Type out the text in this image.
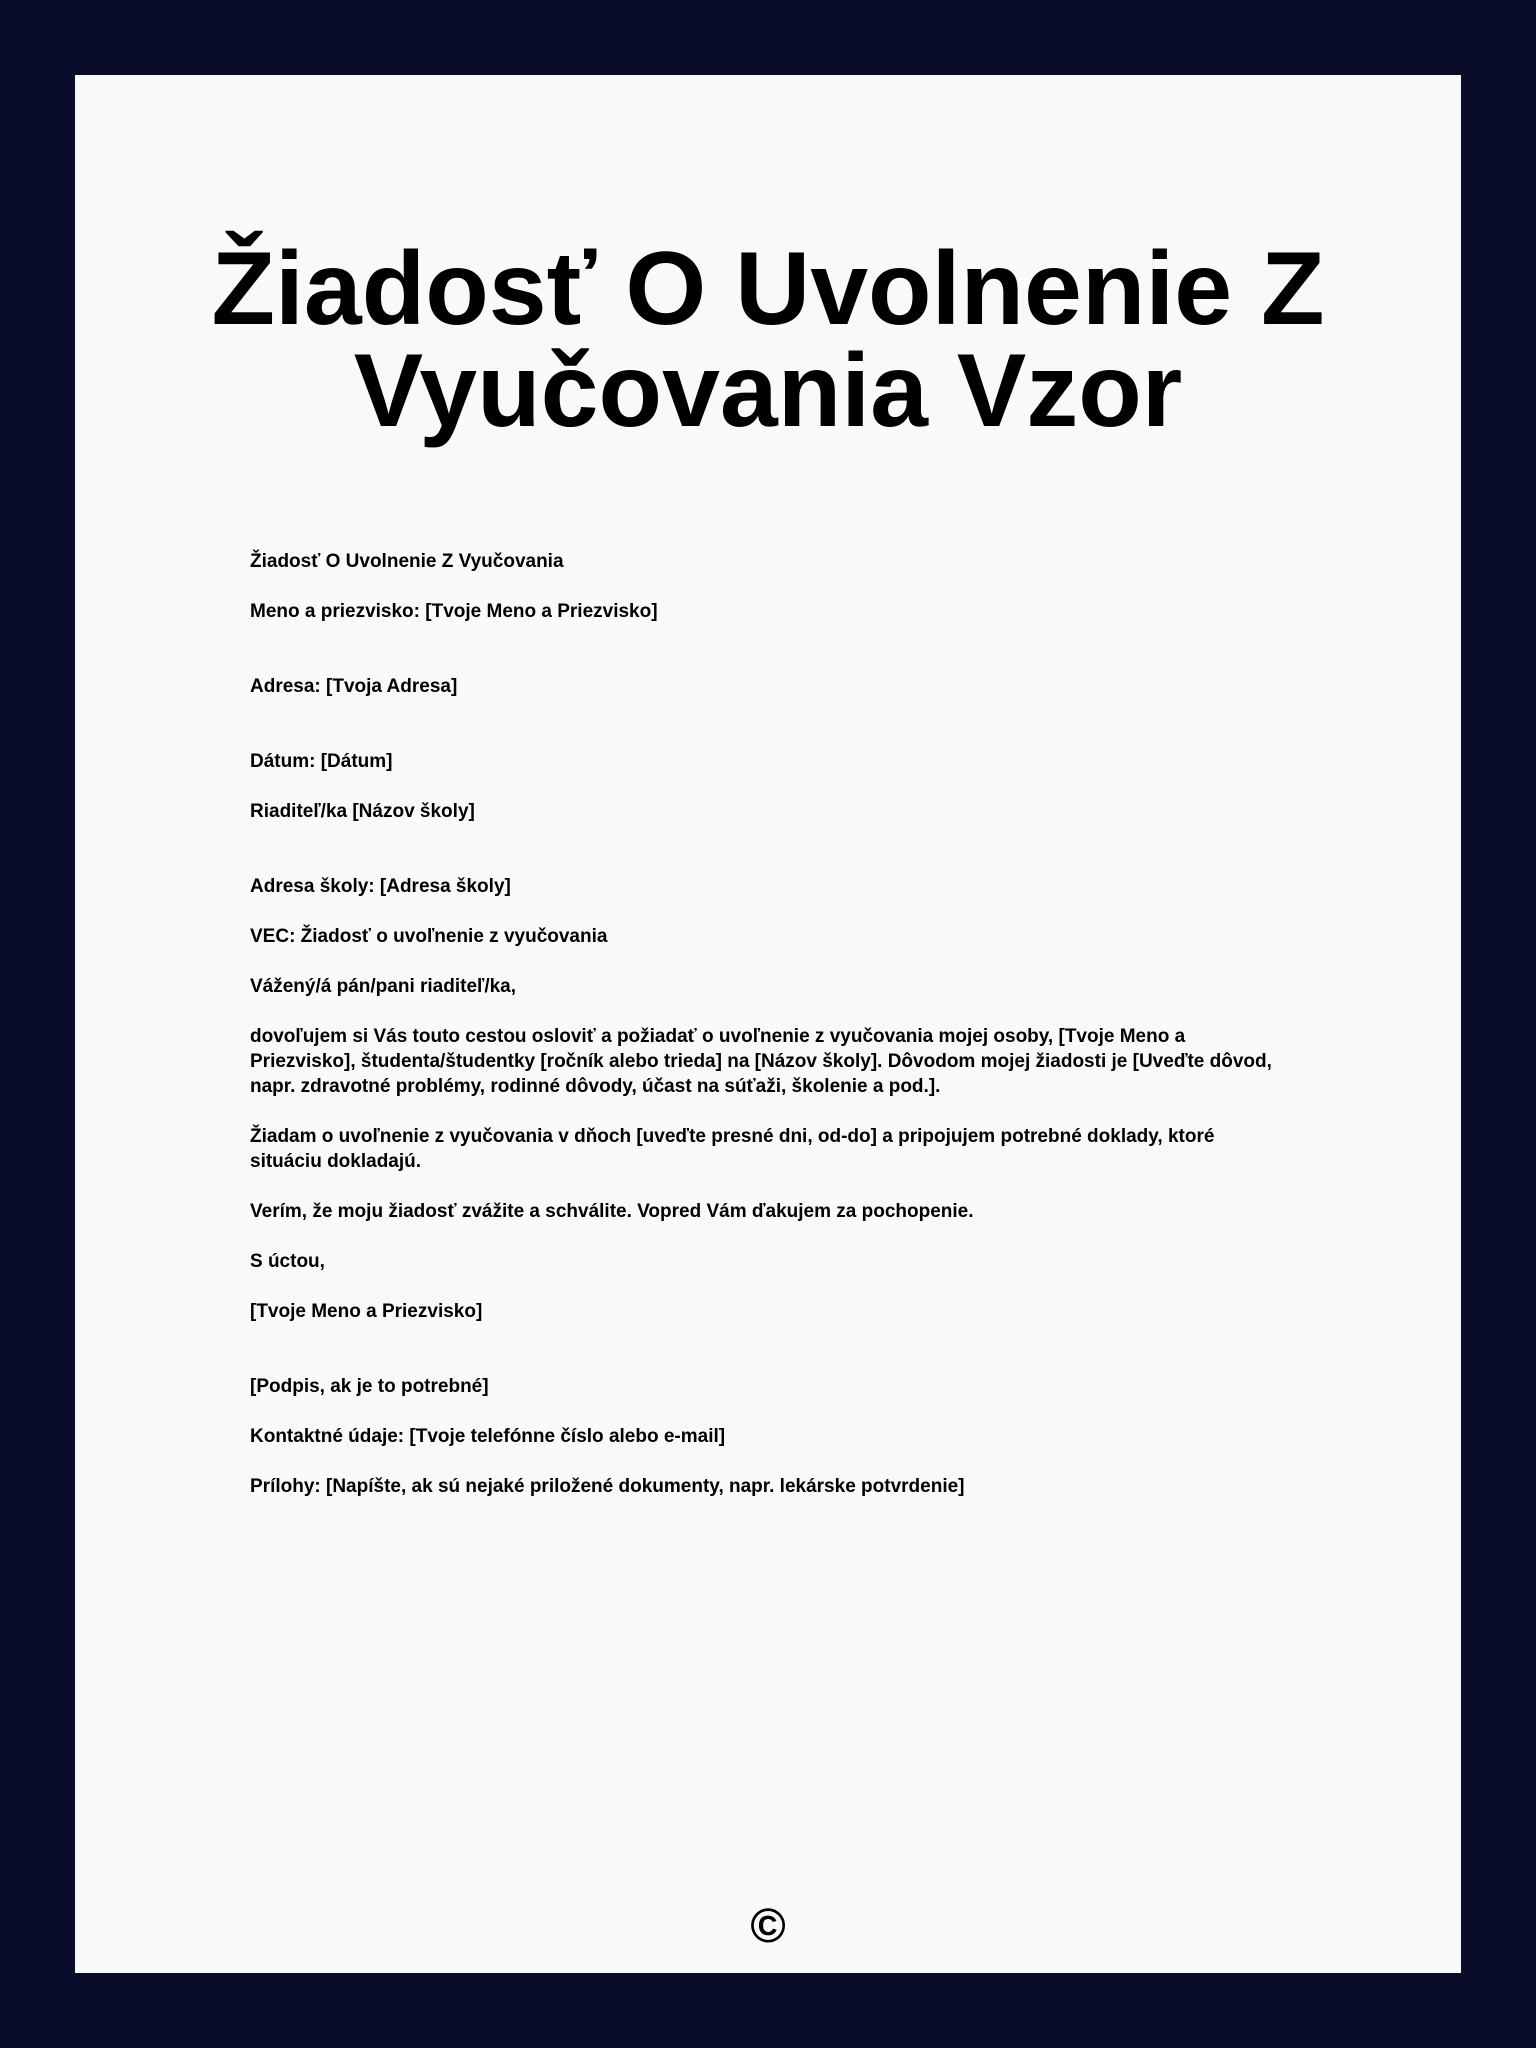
Žiadosť O Uvolnenie Z
Vyučovania Vzor

Žiadosť O Uvolnenie Z Vyučovania

Meno a priezvisko: [Tvoje Meno a Priezvisko]

Adresa: [Tvoja Adresa]

Dátum: [Dátum]

Riaditeľ/ka [Názov školy]

Adresa školy: [Adresa školy]

VEC: Žiadosť o uvoľnenie z vyučovania

Vážený/á pán/pani riaditeľ/ka,

dovoľujem si Vás touto cestou osloviť a požiadať o uvoľnenie z vyučovania mojej osoby, [Tvoje Meno a Priezvisko], študenta/študentky [ročník alebo trieda] na [Názov školy]. Dôvodom mojej žiadosti je [Uveďte dôvod, napr. zdravotné problémy, rodinné dôvody, účast na súťaži, školenie a pod.].

Žiadam o uvoľnenie z vyučovania v dňoch [uveďte presné dni, od-do] a pripojujem potrebné doklady, ktoré situáciu dokladajú.

Verím, že moju žiadosť zvážite a schválite. Vopred Vám ďakujem za pochopenie.

S úctou,

[Tvoje Meno a Priezvisko]

[Podpis, ak je to potrebné]

Kontaktné údaje: [Tvoje telefónne číslo alebo e-mail]

Prílohy: [Napíšte, ak sú nejaké priložené dokumenty, napr. lekárske potvrdenie]

©
